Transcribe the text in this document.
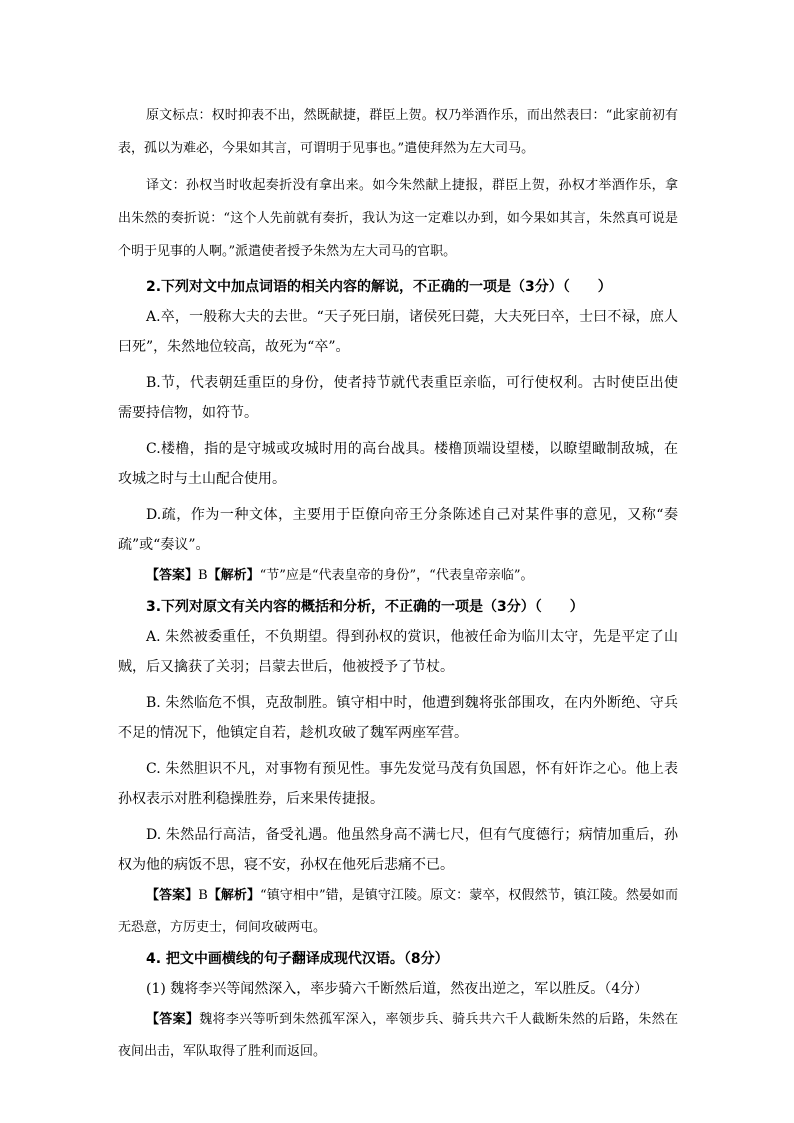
原文标点：权时抑表不出，然既献捷，群臣上贺。权乃举酒作乐，而出然表曰：“此家前初有表，孤以为难必，今果如其言，可谓明于见事也。”遣使拜然为左大司马。

译文：孙权当时收起奏折没有拿出来。如今朱然献上捷报，群臣上贺，孙权才举酒作乐，拿出朱然的奏折说：“这个人先前就有奏折，我认为这一定难以办到，如今果如其言，朱然真可说是个明于见事的人啊。”派遣使者授予朱然为左大司马的官职。

2.下列对文中加点词语的相关内容的解说，不正确的一项是（3分）（　　）

A.卒，一般称大夫的去世。“天子死曰崩，诸侯死曰薨，大夫死曰卒，士曰不禄，庶人曰死”，朱然地位较高，故死为“卒”。

B.节，代表朝廷重臣的身份，使者持节就代表重臣亲临，可行使权利。古时使臣出使需要持信物，如符节。

C.楼橹，指的是守城或攻城时用的高台战具。楼橹顶端设望楼，以瞭望瞰制敌城，在攻城之时与土山配合使用。

D.疏，作为一种文体，主要用于臣僚向帝王分条陈述自己对某件事的意见，又称“奏疏”或“奏议”。

【答案】B【解析】“节”应是“代表皇帝的身份”，“代表皇帝亲临”。

3.下列对原文有关内容的概括和分析，不正确的一项是（3分）（　　）

A. 朱然被委重任，不负期望。得到孙权的赏识，他被任命为临川太守，先是平定了山贼，后又擒获了关羽；吕蒙去世后，他被授予了节杖。

B. 朱然临危不惧，克敌制胜。镇守相中时，他遭到魏将张郃围攻，在内外断绝、守兵不足的情况下，他镇定自若，趁机攻破了魏军两座军营。

C. 朱然胆识不凡，对事物有预见性。事先发觉马茂有负国恩，怀有奸诈之心。他上表孙权表示对胜利稳操胜券，后来果传捷报。

D. 朱然品行高洁，备受礼遇。他虽然身高不满七尺，但有气度德行；病情加重后，孙权为他的病饭不思，寝不安，孙权在他死后悲痛不已。

【答案】B【解析】“镇守相中”错，是镇守江陵。原文：蒙卒，权假然节，镇江陵。然晏如而无恐意，方厉吏士，伺间攻破两屯。

4. 把文中画横线的句子翻译成现代汉语。（8分）

(1) 魏将李兴等闻然深入，率步骑六千断然后道，然夜出逆之，军以胜反。（4分）

【答案】魏将李兴等听到朱然孤军深入，率领步兵、骑兵共六千人截断朱然的后路，朱然在夜间出击，军队取得了胜利而返回。
